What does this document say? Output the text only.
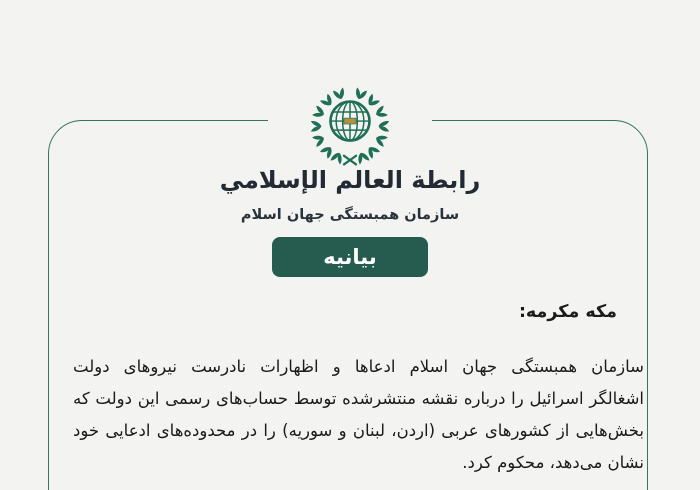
رابطة العالم الإسلامي
سازمان همبستگی جهان اسلام
بیانیه
مکه مکرمه:
سازمان همبستگی جهان اسلام ادعاها و اظهارات نادرست نیروهای دولت
اشغالگر اسرائیل را درباره نقشه منتشرشده توسط حساب‌های رسمی این دولت که
بخش‌هایی از کشورهای عربی (اردن، لبنان و سوریه) را در محدوده‌های ادعایی خود
نشان می‌دهد، محکوم کرد.
